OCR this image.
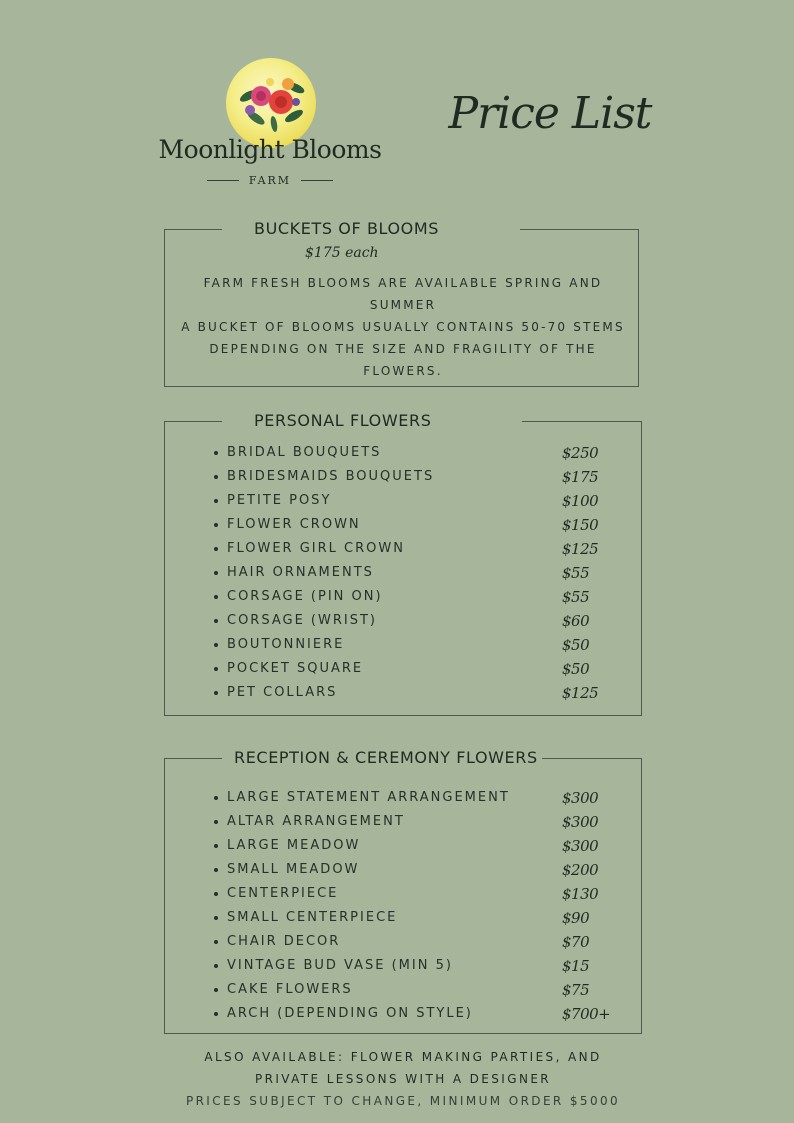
Moonlight Blooms
FARM
Price List
BUCKETS OF BLOOMS
$175 each
FARM FRESH BLOOMS ARE AVAILABLE SPRING AND SUMMER
A BUCKET OF BLOOMS USUALLY CONTAINS 50-70 STEMS DEPENDING ON THE SIZE AND FRAGILITY OF THE FLOWERS.
PERSONAL FLOWERS
BRIDAL BOUQUETS	$250
BRIDESMAIDS BOUQUETS	$175
PETITE POSY	$100
FLOWER CROWN	$150
FLOWER GIRL CROWN	$125
HAIR ORNAMENTS	$55
CORSAGE (PIN ON)	$55
CORSAGE (WRIST)	$60
BOUTONNIERE	$50
POCKET SQUARE	$50
PET COLLARS	$125
RECEPTION & CEREMONY FLOWERS
LARGE STATEMENT ARRANGEMENT	$300
ALTAR ARRANGEMENT	$300
LARGE MEADOW	$300
SMALL MEADOW	$200
CENTERPIECE	$130
SMALL CENTERPIECE	$90
CHAIR DECOR	$70
VINTAGE BUD VASE (MIN 5)	$15
CAKE FLOWERS	$75
ARCH (DEPENDING ON STYLE)	$700+
ALSO AVAILABLE: FLOWER MAKING PARTIES, AND
PRIVATE LESSONS WITH A DESIGNER
PRICES SUBJECT TO CHANGE, MINIMUM ORDER $5000
